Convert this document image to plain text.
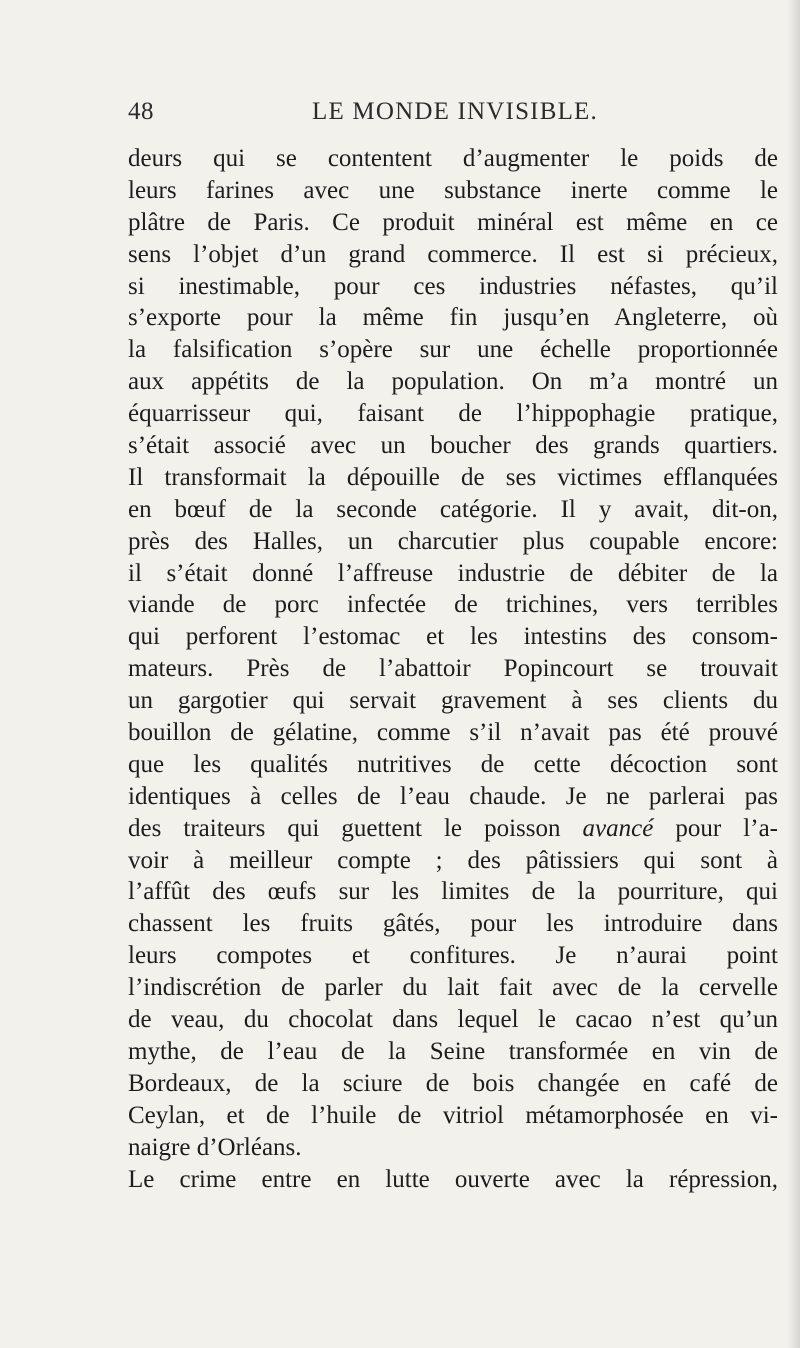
48	LE MONDE INVISIBLE.
deurs qui se contentent d’augmenter le poids de
leurs farines avec une substance inerte comme le
plâtre de Paris. Ce produit minéral est même en ce
sens l’objet d’un grand commerce. Il est si précieux,
si inestimable, pour ces industries néfastes, qu’il
s’exporte pour la même fin jusqu’en Angleterre, où
la falsification s’opère sur une échelle proportionnée
aux appétits de la population. On m’a montré un
équarrisseur qui, faisant de l’hippophagie pratique,
s’était associé avec un boucher des grands quartiers.
Il transformait la dépouille de ses victimes efflanquées
en bœuf de la seconde catégorie. Il y avait, dit-on,
près des Halles, un charcutier plus coupable encore:
il s’était donné l’affreuse industrie de débiter de la
viande de porc infectée de trichines, vers terribles
qui perforent l’estomac et les intestins des consom-
mateurs. Près de l’abattoir Popincourt se trouvait
un gargotier qui servait gravement à ses clients du
bouillon de gélatine, comme s’il n’avait pas été prouvé
que les qualités nutritives de cette décoction sont
identiques à celles de l’eau chaude. Je ne parlerai pas
des traiteurs qui guettent le poisson avancé pour l’a-
voir à meilleur compte ; des pâtissiers qui sont à
l’affût des œufs sur les limites de la pourriture, qui
chassent les fruits gâtés, pour les introduire dans
leurs compotes et confitures. Je n’aurai point
l’indiscrétion de parler du lait fait avec de la cervelle
de veau, du chocolat dans lequel le cacao n’est qu’un
mythe, de l’eau de la Seine transformée en vin de
Bordeaux, de la sciure de bois changée en café de
Ceylan, et de l’huile de vitriol métamorphosée en vi-
naigre d’Orléans.
Le crime entre en lutte ouverte avec la répression,
